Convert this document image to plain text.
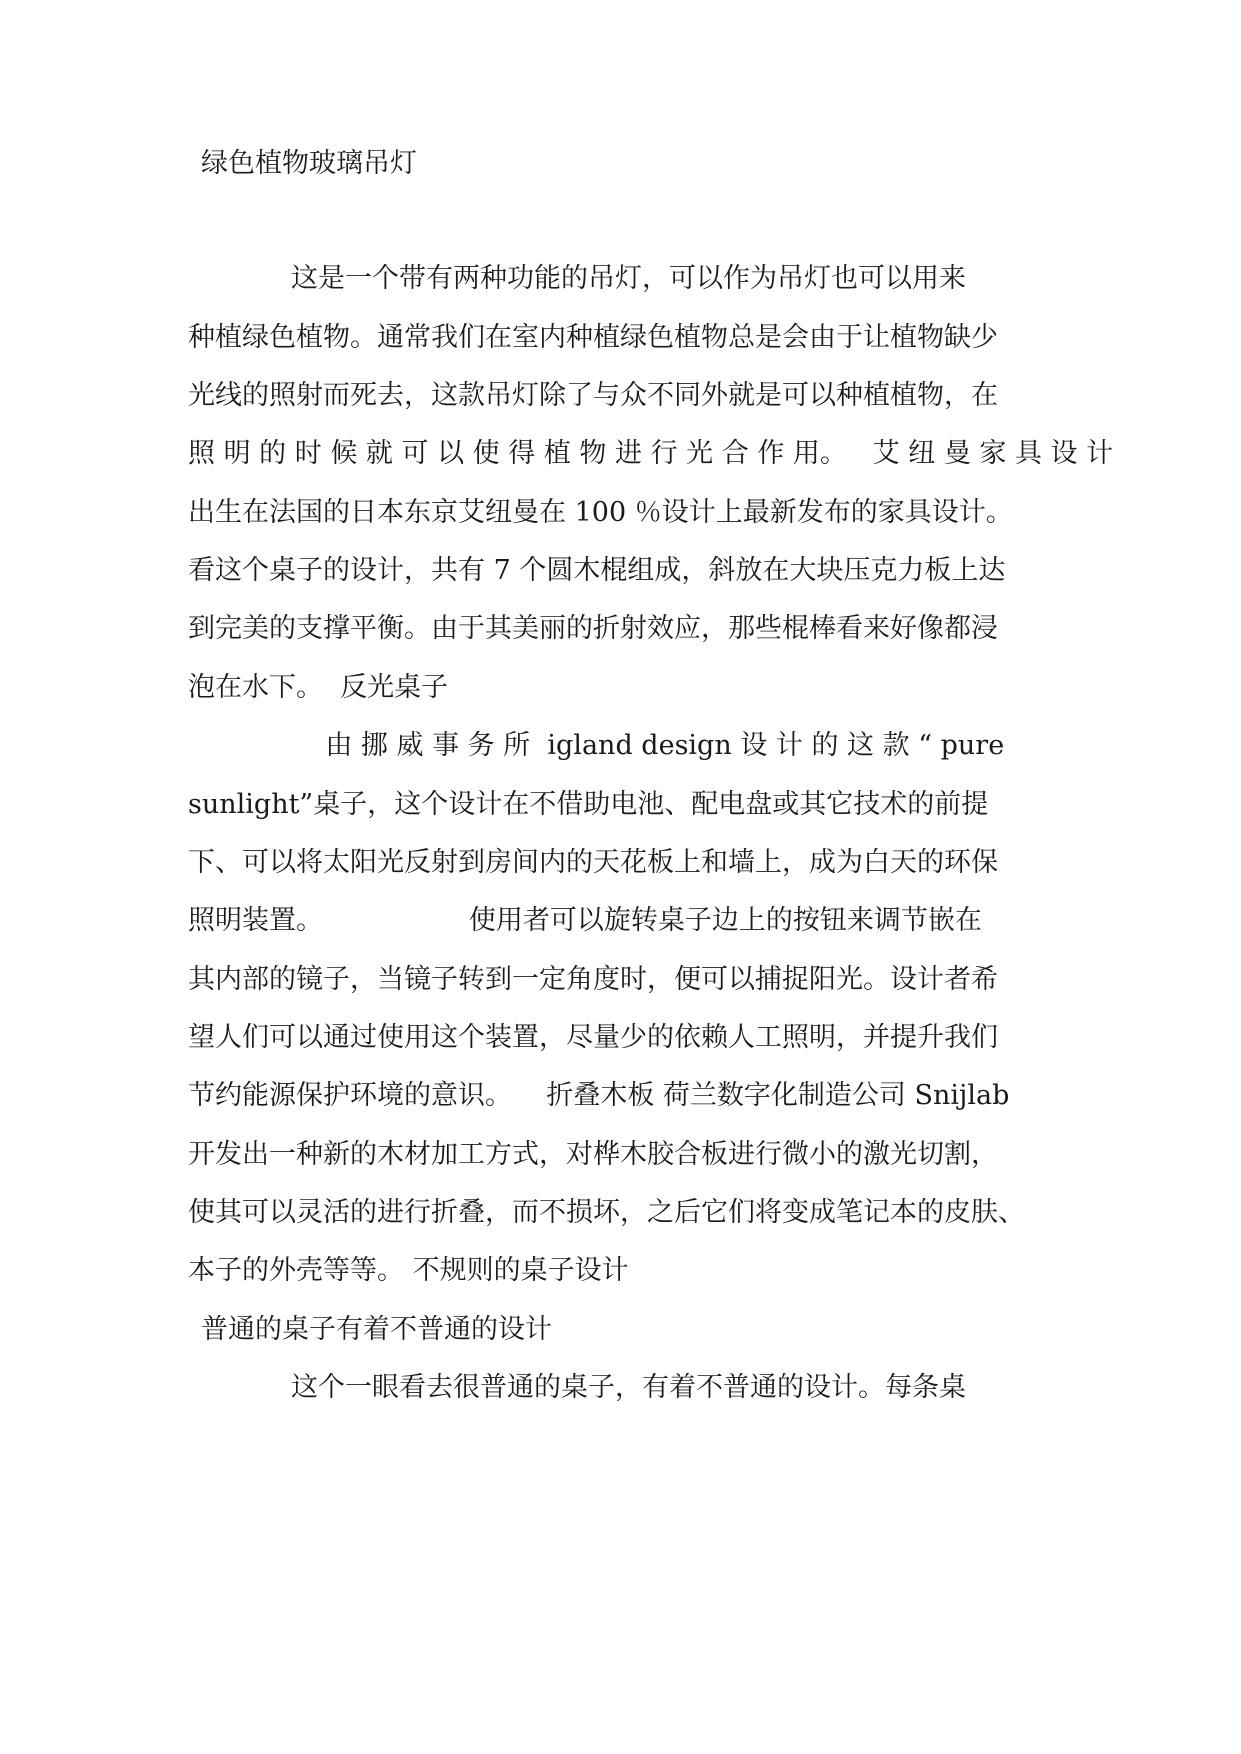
绿色植物玻璃吊灯

这是一个带有两种功能的吊灯，可以作为吊灯也可以用来

种植绿色植物。通常我们在室内种植绿色植物总是会由于让植物缺少

光线的照射而死去，这款吊灯除了与众不同外就是可以种植植物，在

照 明 的 时 候 就 可 以 使 得 植 物 进 行 光 合 作 用。   艾 纽 曼 家 具 设 计

出生在法国的日本东京艾纽曼在 100 ％设计上最新发布的家具设计。

看这个桌子的设计，共有 7 个圆木棍组成，斜放在大块压克力板上达

到完美的支撑平衡。由于其美丽的折射效应，那些棍棒看来好像都浸

泡在水下。  反光桌子

由 挪 威 事 务 所  igland design 设 计 的 这 款 “ pure

sunlight”桌子，这个设计在不借助电池、配电盘或其它技术的前提

下、可以将太阳光反射到房间内的天花板上和墙上，成为白天的环保

照明装置。                 使用者可以旋转桌子边上的按钮来调节嵌在

其内部的镜子，当镜子转到一定角度时，便可以捕捉阳光。设计者希

望人们可以通过使用这个装置，尽量少的依赖人工照明，并提升我们

节约能源保护环境的意识。    折叠木板 荷兰数字化制造公司 Snijlab

开发出一种新的木材加工方式，对桦木胶合板进行微小的激光切割，

使其可以灵活的进行折叠，而不损坏，之后它们将变成笔记本的皮肤、

本子的外壳等等。 不规则的桌子设计

普通的桌子有着不普通的设计

这个一眼看去很普通的桌子，有着不普通的设计。每条桌
